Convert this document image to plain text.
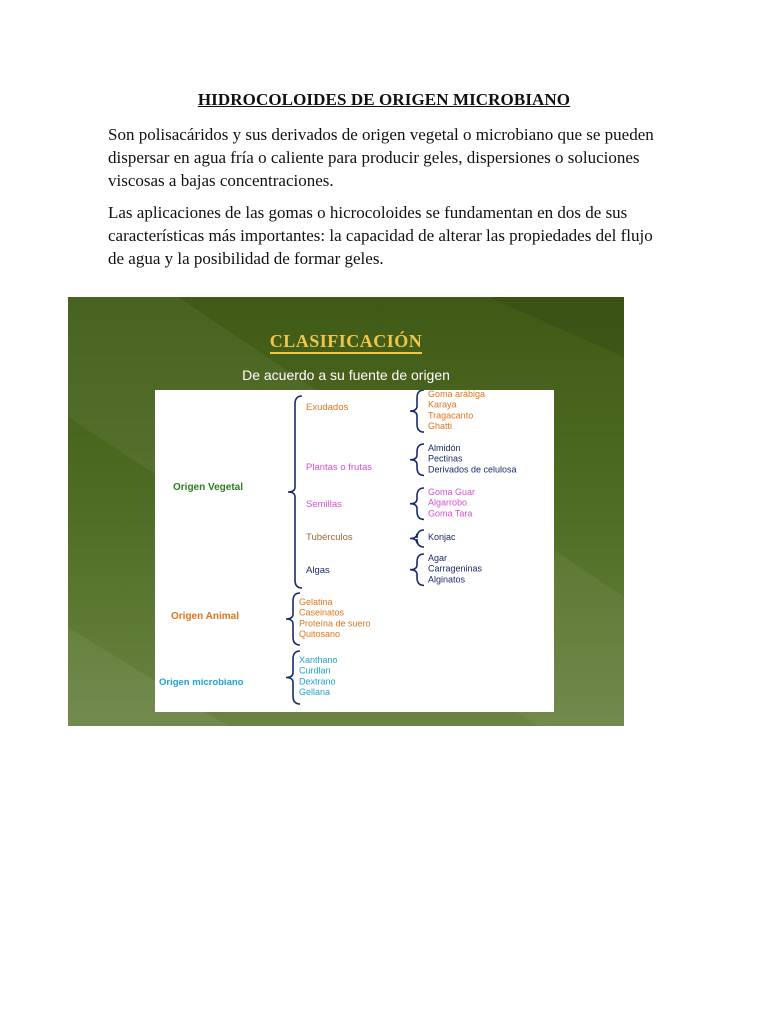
HIDROCOLOIDES DE ORIGEN MICROBIANO

Son polisacáridos y sus derivados de origen vegetal o microbiano que se pueden dispersar en agua fría o caliente para producir geles, dispersiones o soluciones viscosas a bajas concentraciones.

Las aplicaciones de las gomas o hicrocoloides se fundamentan en dos de sus características más importantes: la capacidad de alterar las propiedades del flujo de agua y la posibilidad de formar geles.

CLASIFICACIÓN
De acuerdo a su fuente de origen
Origen Vegetal
Exudados
Goma arábiga
Karaya
Tragacanto
Ghatti
Plantas o frutas
Almidón
Pectinas
Derivados de celulosa
Semillas
Goma Guar
Algarrobo
Goma Tara
Tubérculos	Konjac
Algas
Agar
Carrageninas
Alginatos
Origen Animal
Gelatina
Caseinatos
Proteína de suero
Quitosano
Origen microbiano
Xanthano
Curdlan
Dextrano
Gellana
